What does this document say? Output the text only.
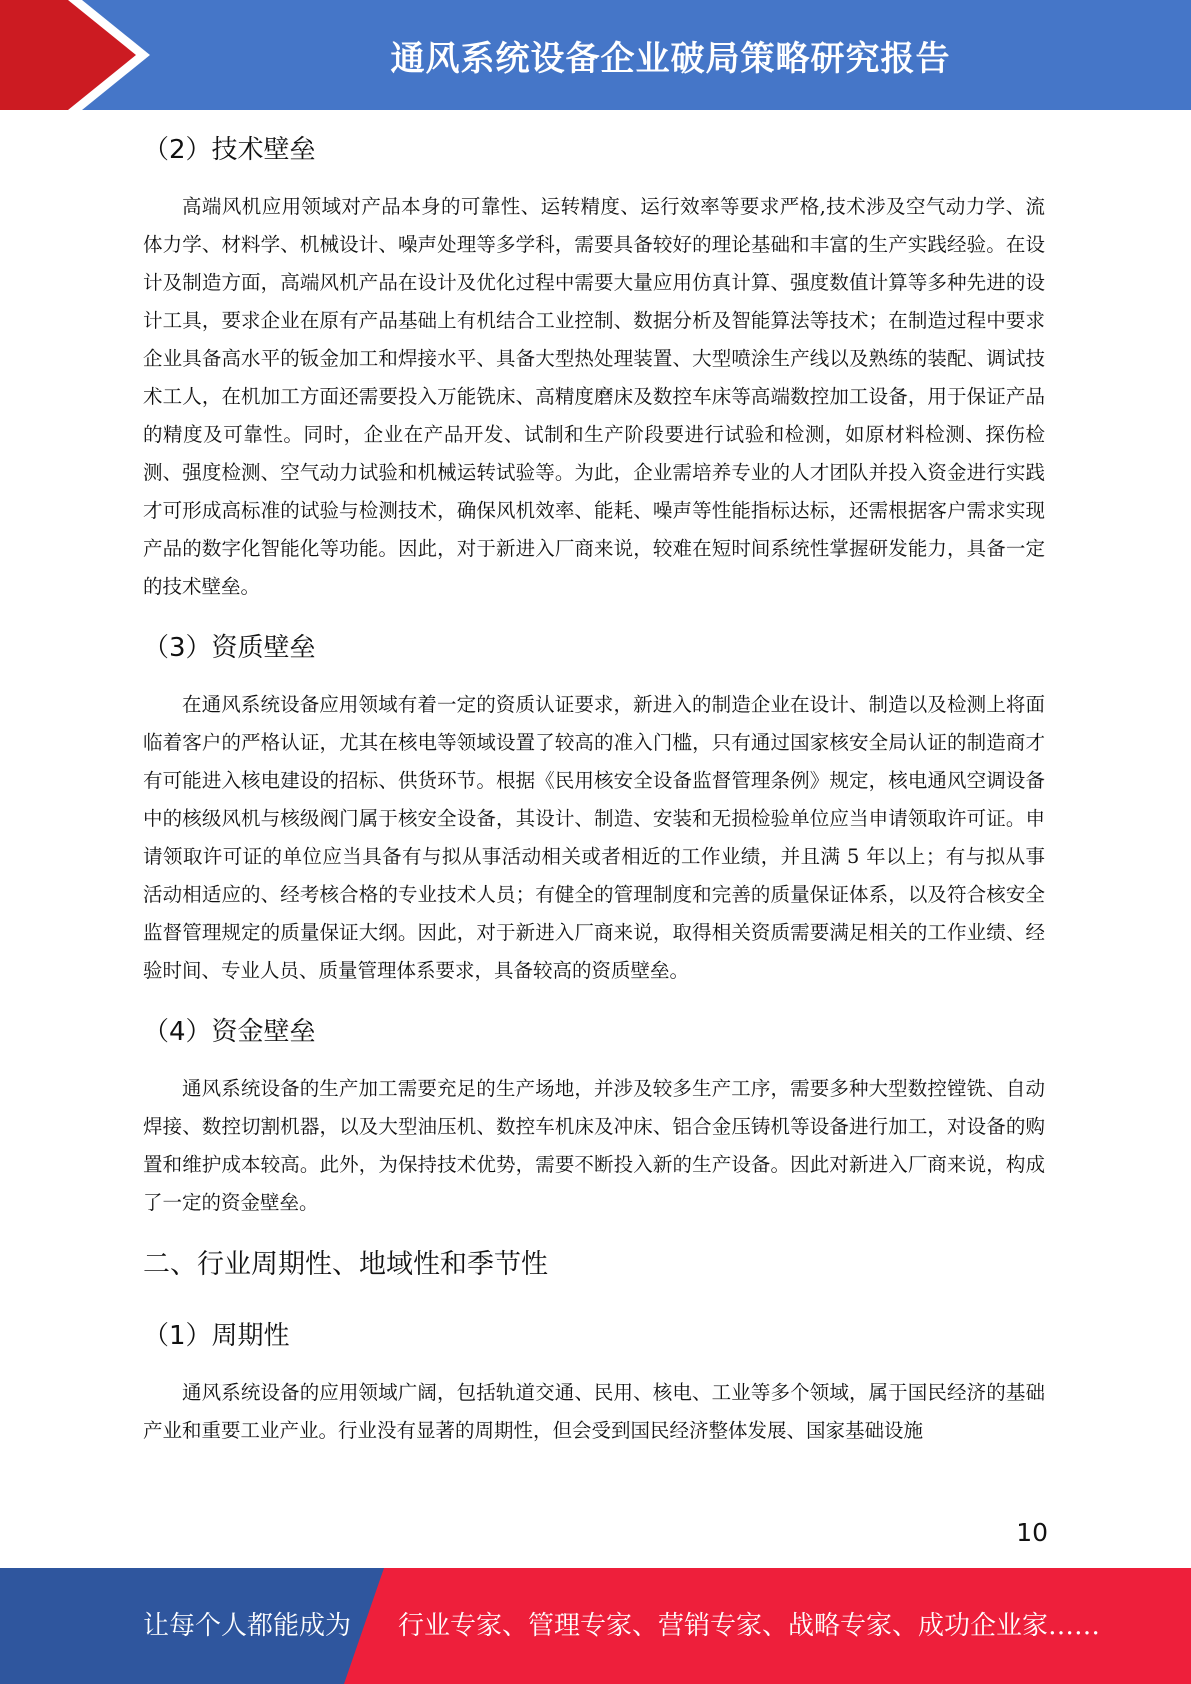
通风系统设备企业破局策略研究报告
（2）技术壁垒

高端风机应用领域对产品本身的可靠性、运转精度、运行效率等要求严格,技术涉及空气动力学、流体力学、材料学、机械设计、噪声处理等多学科，需要具备较好的理论基础和丰富的生产实践经验。在设计及制造方面，高端风机产品在设计及优化过程中需要大量应用仿真计算、强度数值计算等多种先进的设计工具，要求企业在原有产品基础上有机结合工业控制、数据分析及智能算法等技术；在制造过程中要求企业具备高水平的钣金加工和焊接水平、具备大型热处理装置、大型喷涂生产线以及熟练的装配、调试技术工人，在机加工方面还需要投入万能铣床、高精度磨床及数控车床等高端数控加工设备，用于保证产品的精度及可靠性。同时，企业在产品开发、试制和生产阶段要进行试验和检测，如原材料检测、探伤检测、强度检测、空气动力试验和机械运转试验等。为此，企业需培养专业的人才团队并投入资金进行实践才可形成高标准的试验与检测技术，确保风机效率、能耗、噪声等性能指标达标，还需根据客户需求实现产品的数字化智能化等功能。因此，对于新进入厂商来说，较难在短时间系统性掌握研发能力，具备一定的技术壁垒。

（3）资质壁垒

在通风系统设备应用领域有着一定的资质认证要求，新进入的制造企业在设计、制造以及检测上将面临着客户的严格认证，尤其在核电等领域设置了较高的准入门槛，只有通过国家核安全局认证的制造商才有可能进入核电建设的招标、供货环节。根据《民用核安全设备监督管理条例》规定，核电通风空调设备中的核级风机与核级阀门属于核安全设备，其设计、制造、安装和无损检验单位应当申请领取许可证。申请领取许可证的单位应当具备有与拟从事活动相关或者相近的工作业绩，并且满 5 年以上；有与拟从事活动相适应的、经考核合格的专业技术人员；有健全的管理制度和完善的质量保证体系，以及符合核安全监督管理规定的质量保证大纲。因此，对于新进入厂商来说，取得相关资质需要满足相关的工作业绩、经验时间、专业人员、质量管理体系要求，具备较高的资质壁垒。

（4）资金壁垒

通风系统设备的生产加工需要充足的生产场地，并涉及较多生产工序，需要多种大型数控镗铣、自动焊接、数控切割机器，以及大型油压机、数控车机床及冲床、铝合金压铸机等设备进行加工，对设备的购置和维护成本较高。此外，为保持技术优势，需要不断投入新的生产设备。因此对新进入厂商来说，构成了一定的资金壁垒。

二、行业周期性、地域性和季节性
（1）周期性

通风系统设备的应用领域广阔，包括轨道交通、民用、核电、工业等多个领域，属于国民经济的基础产业和重要工业产业。行业没有显著的周期性，但会受到国民经济整体发展、国家基础设施

10
让每个人都能成为 行业专家、管理专家、营销专家、战略专家、成功企业家……
